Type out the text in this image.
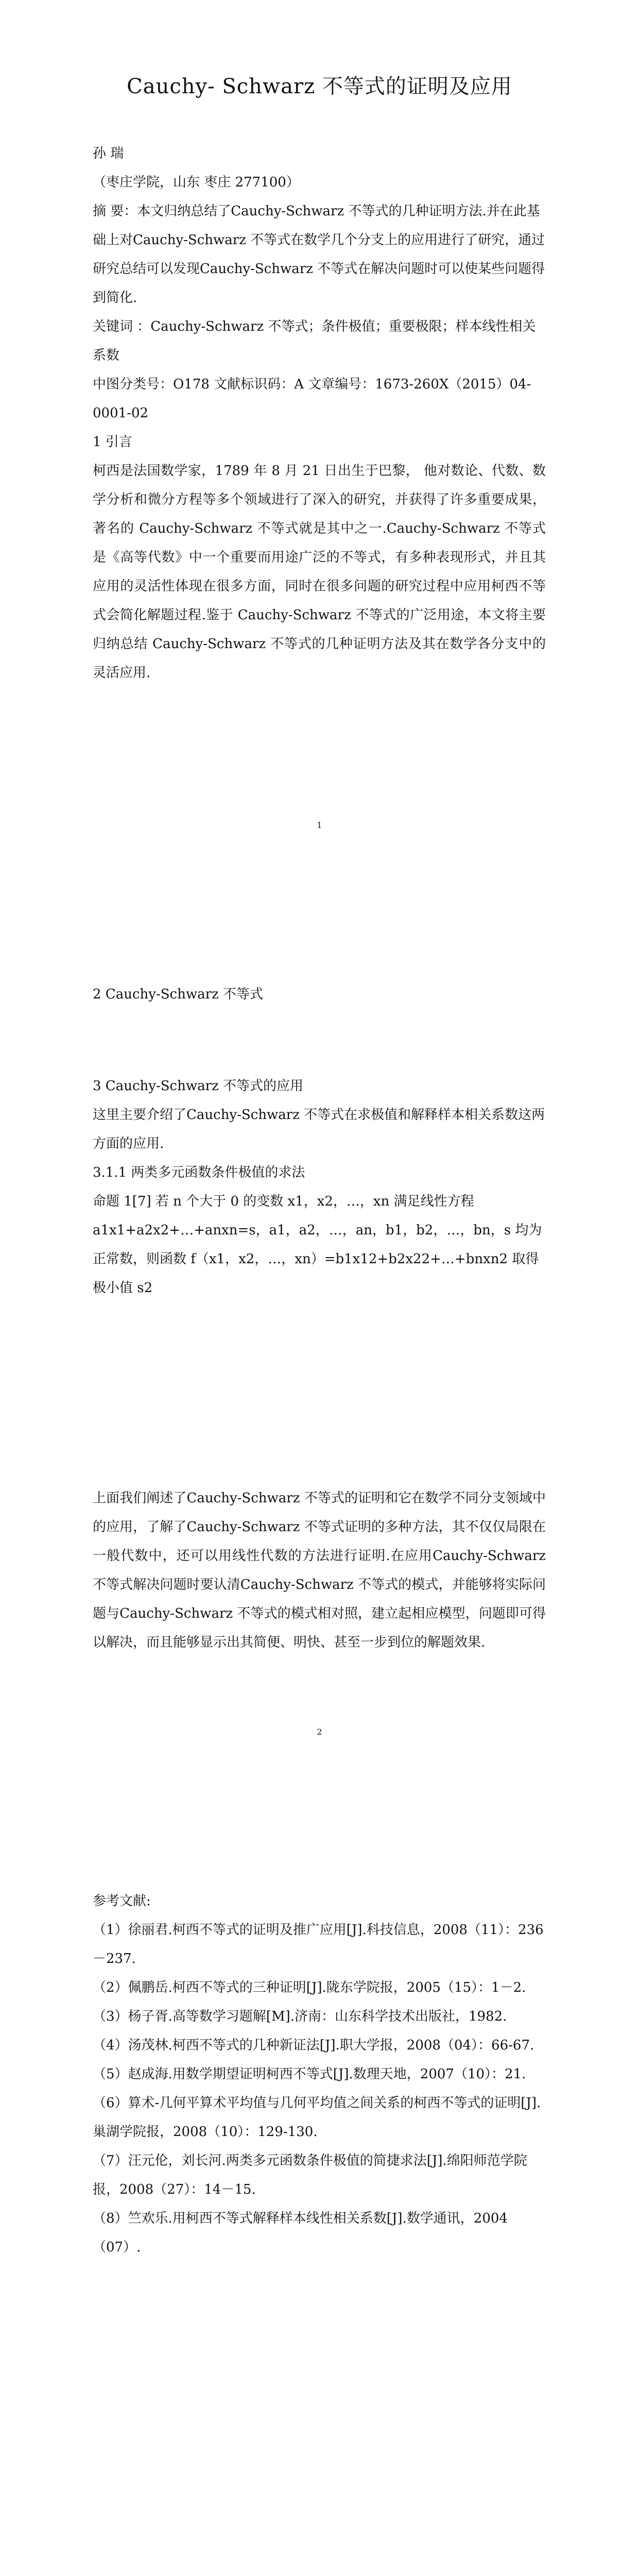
Cauchy- Schwarz 不等式的证明及应用

孙 瑞

（枣庄学院，山东 枣庄 277100）

摘 要：本文归纳总结了Cauchy-Schwarz 不等式的几种证明方法.并在此基础上对Cauchy-Schwarz 不等式在数学几个分支上的应用进行了研究，通过研究总结可以发现Cauchy-Schwarz 不等式在解决问题时可以使某些问题得到简化.

关键词 ：Cauchy-Schwarz 不等式；条件极值；重要极限；样本线性相关系数

中图分类号：O178 文献标识码：A 文章编号：1673-260X（2015）04-0001-02

1 引言

柯西是法国数学家，1789 年 8 月 21 日出生于巴黎， 他对数论、代数、数学分析和微分方程等多个领域进行了深入的研究，并获得了许多重要成果，著名的 Cauchy-Schwarz 不等式就是其中之一.Cauchy-Schwarz 不等式是《高等代数》中一个重要而用途广泛的不等式，有多种表现形式，并且其应用的灵活性体现在很多方面，同时在很多问题的研究过程中应用柯西不等式会简化解题过程.鉴于 Cauchy-Schwarz 不等式的广泛用途，本文将主要归纳总结 Cauchy-Schwarz 不等式的几种证明方法及其在数学各分支中的灵活应用.

1

2 Cauchy-Schwarz 不等式

3 Cauchy-Schwarz 不等式的应用

这里主要介绍了Cauchy-Schwarz 不等式在求极值和解释样本相关系数这两方面的应用.

3.1.1 两类多元函数条件极值的求法

命题 1[7] 若 n 个大于 0 的变数 x1，x2，…，xn 满足线性方程a1x1+a2x2+…+anxn=s，a1，a2，…，an，b1，b2，…，bn，s 均为正常数，则函数 f（x1，x2，…，xn）=b1x12+b2x22+…+bnxn2 取得极小值 s2

上面我们阐述了Cauchy-Schwarz 不等式的证明和它在数学不同分支领域中的应用，了解了Cauchy-Schwarz 不等式证明的多种方法，其不仅仅局限在一般代数中，还可以用线性代数的方法进行证明.在应用Cauchy-Schwarz 不等式解决问题时要认清Cauchy-Schwarz 不等式的模式，并能够将实际问题与Cauchy-Schwarz 不等式的模式相对照，建立起相应模型，问题即可得以解决，而且能够显示出其简便、明快、甚至一步到位的解题效果.

2

参考文献:

（1）徐丽君.柯西不等式的证明及推广应用[J].科技信息，2008（11）：236－237.
（2）佩鹏岳.柯西不等式的三种证明[J].陇东学院报，2005（15）：1－2.
（3）杨子胥.高等数学习题解[M].济南：山东科学技术出版社，1982.
（4）汤茂林.柯西不等式的几种新证法[J].职大学报，2008（04）：66-67.
（5）赵成海.用数学期望证明柯西不等式[J].数理天地，2007（10）：21.
（6）算术-几何平算术平均值与几何平均值之间关系的柯西不等式的证明[J].巢湖学院报，2008（10）：129-130.
（7）汪元伦，刘长河.两类多元函数条件极值的简捷求法[J].绵阳师范学院报，2008（27）：14－15.
（8）竺欢乐.用柯西不等式解释样本线性相关系数[J].数学通讯，2004（07）.
